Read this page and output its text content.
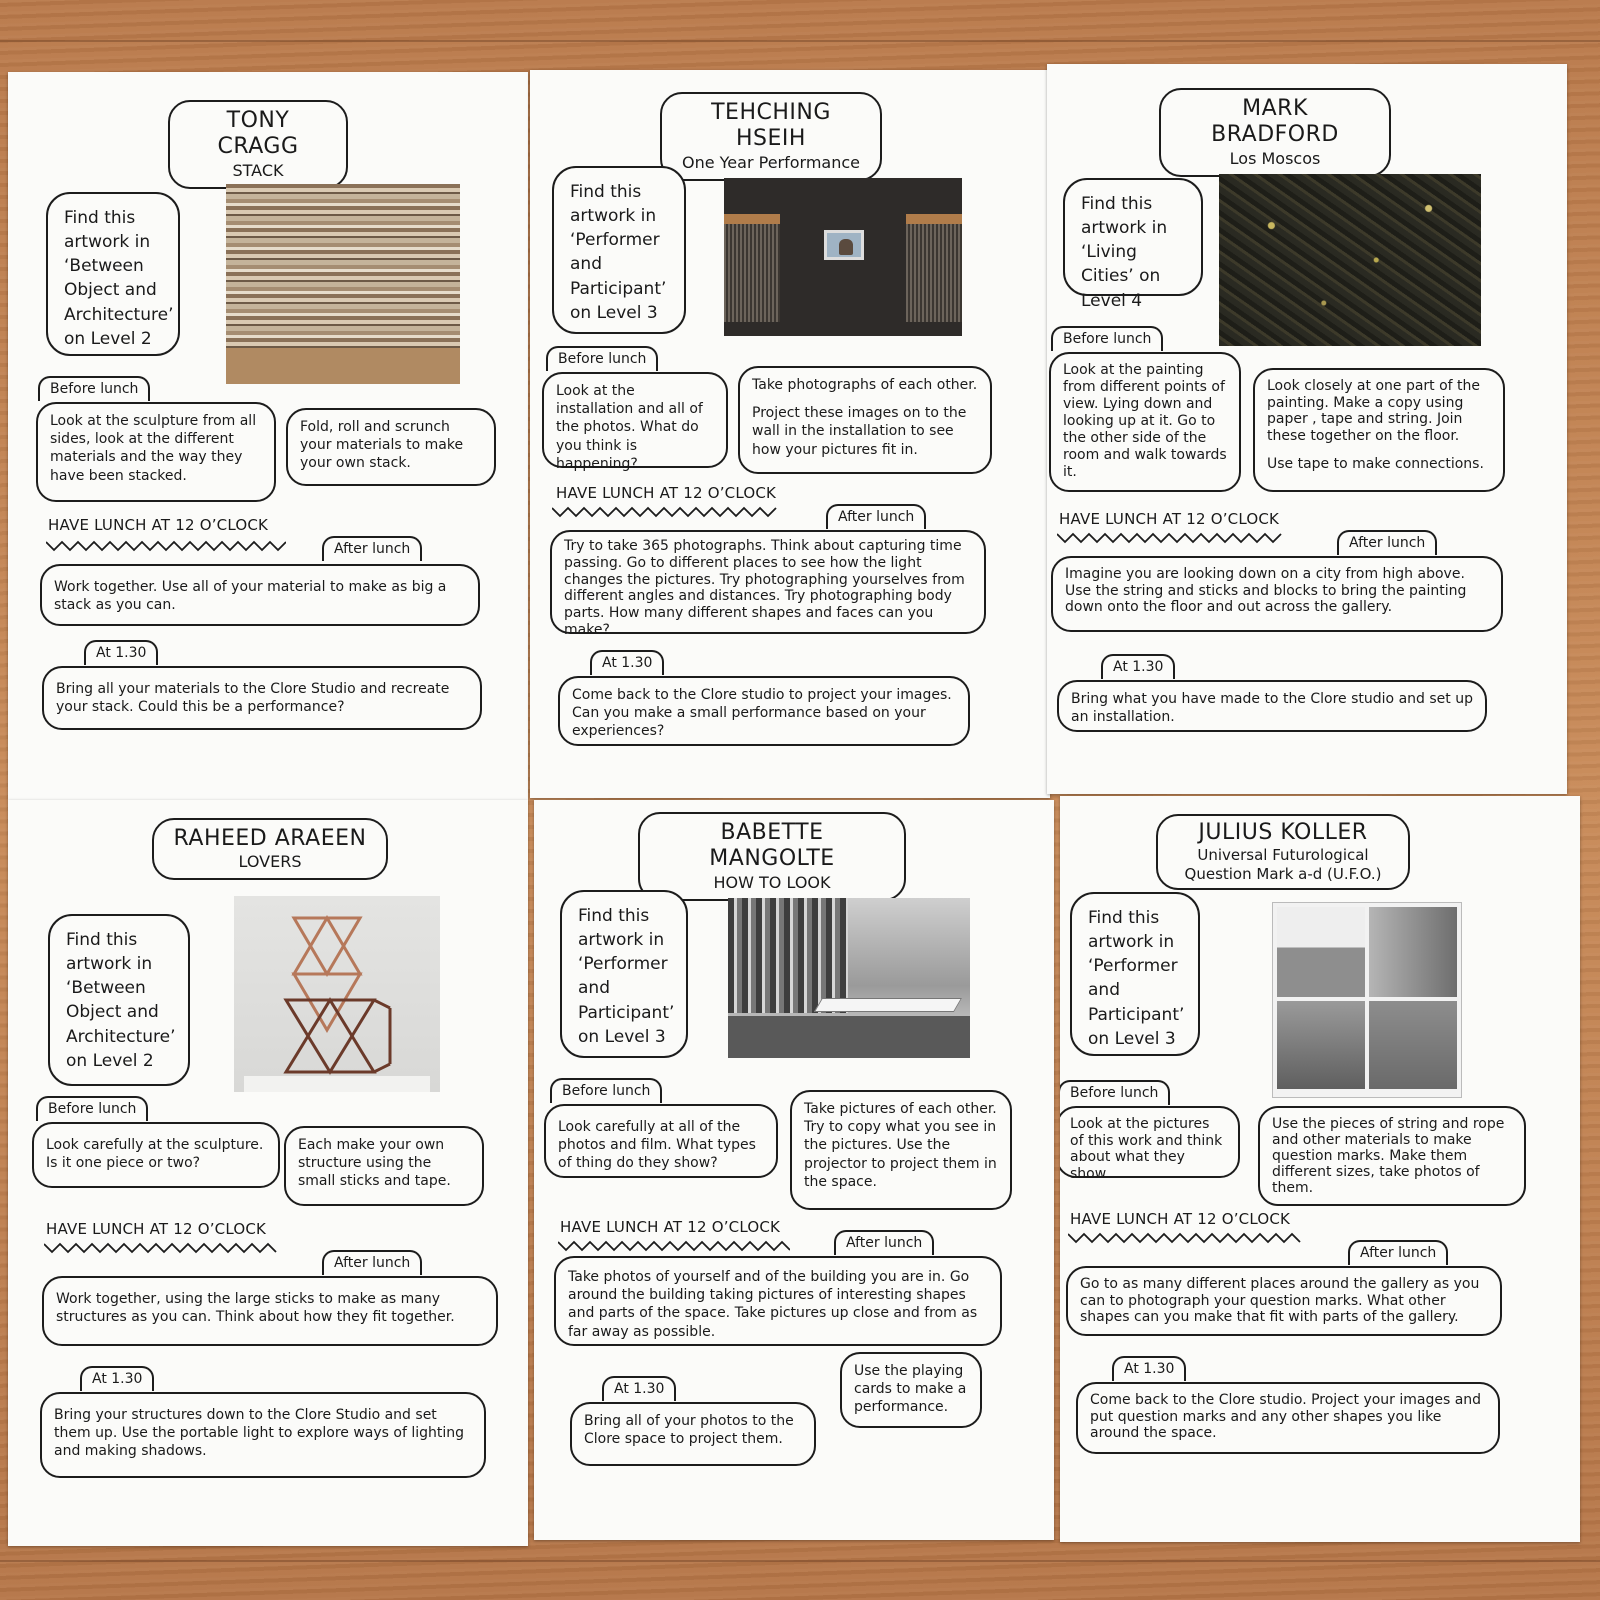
TONY CRAGG
STACK
Find this artwork in ‘Between Object and Architecture’ on Level 2
Before lunch
Look at the sculpture from all sides, look at the different materials and the way they have been stacked.
Fold, roll and scrunch your materials to make your own stack.
HAVE LUNCH AT 12 O’CLOCK
After lunch
Work together. Use all of your material to make as big a stack as you can.
At 1.30
Bring all your materials to the Clore Studio and recreate your stack. Could this be a performance?
TEHCHING HSEIH
One Year Performance
Find this artwork in ‘Performer and Participant’ on Level 3
Before lunch
Look at the installation and all of the photos. What do you think is happening?
Take photographs of each other.
Project these images on to the wall in the installation to see how your pictures fit in.
HAVE LUNCH AT 12 O’CLOCK
After lunch
Try to take 365 photographs. Think about capturing time passing. Go to different places to see how the light changes the pictures. Try photographing yourselves from different angles and distances. Try photographing body parts. How many different shapes and faces can you make?
At 1.30
Come back to the Clore studio to project your images. Can you make a small performance based on your experiences?
MARK BRADFORD
Los Moscos
Find this artwork in ‘Living Cities’ on Level 4
Before lunch
Look at the painting from different points of view. Lying down and looking up at it. Go to the other side of the room and walk towards it.
Look closely at one part of the painting. Make a copy using paper , tape and string. Join these together on the floor.
Use tape to make connections.
HAVE LUNCH AT 12 O’CLOCK
After lunch
Imagine you are looking down on a city from high above. Use the string and sticks and blocks to bring the painting down onto the floor and out across the gallery.
At 1.30
Bring what you have made to the Clore studio and set up an installation.
RAHEED ARAEEN
LOVERS
Find this artwork in ‘Between Object and Architecture’ on Level 2
Before lunch
Look carefully at the sculpture. Is it one piece or two?
Each make your own structure using the small sticks and tape.
HAVE LUNCH AT 12 O’CLOCK
After lunch
Work together, using the large sticks to make as many structures as you can. Think about how they fit together.
At 1.30
Bring your structures down to the Clore Studio and set them up. Use the portable light to explore ways of lighting and making shadows.
BABETTE MANGOLTE
HOW TO LOOK
Find this artwork in ‘Performer and Participant’ on Level 3
Before lunch
Look carefully at all of the photos and film. What types of thing do they show?
Take pictures of each other. Try to copy what you see in the pictures. Use the projector to project them in the space.
HAVE LUNCH AT 12 O’CLOCK
After lunch
Take photos of yourself and of the building you are in. Go around the building taking pictures of interesting shapes and parts of the space. Take pictures up close and from as far away as possible.
Use the playing cards to make a performance.
At 1.30
Bring all of your photos to the Clore space to project them.
JULIUS KOLLER
Universal Futurological Question Mark a-d (U.F.O.)
Find this artwork in ‘Performer and Participant’ on Level 3
Before lunch
Look at the pictures of this work and think about what they show.
Use the pieces of string and rope and other materials to make question marks. Make them different sizes, take photos of them.
HAVE LUNCH AT 12 O’CLOCK
After lunch
Go to as many different places around the gallery as you can to photograph your question marks. What other shapes can you make that fit with parts of the gallery.
At 1.30
Come back to the Clore studio. Project your images and put question marks and any other shapes you like around the space.
